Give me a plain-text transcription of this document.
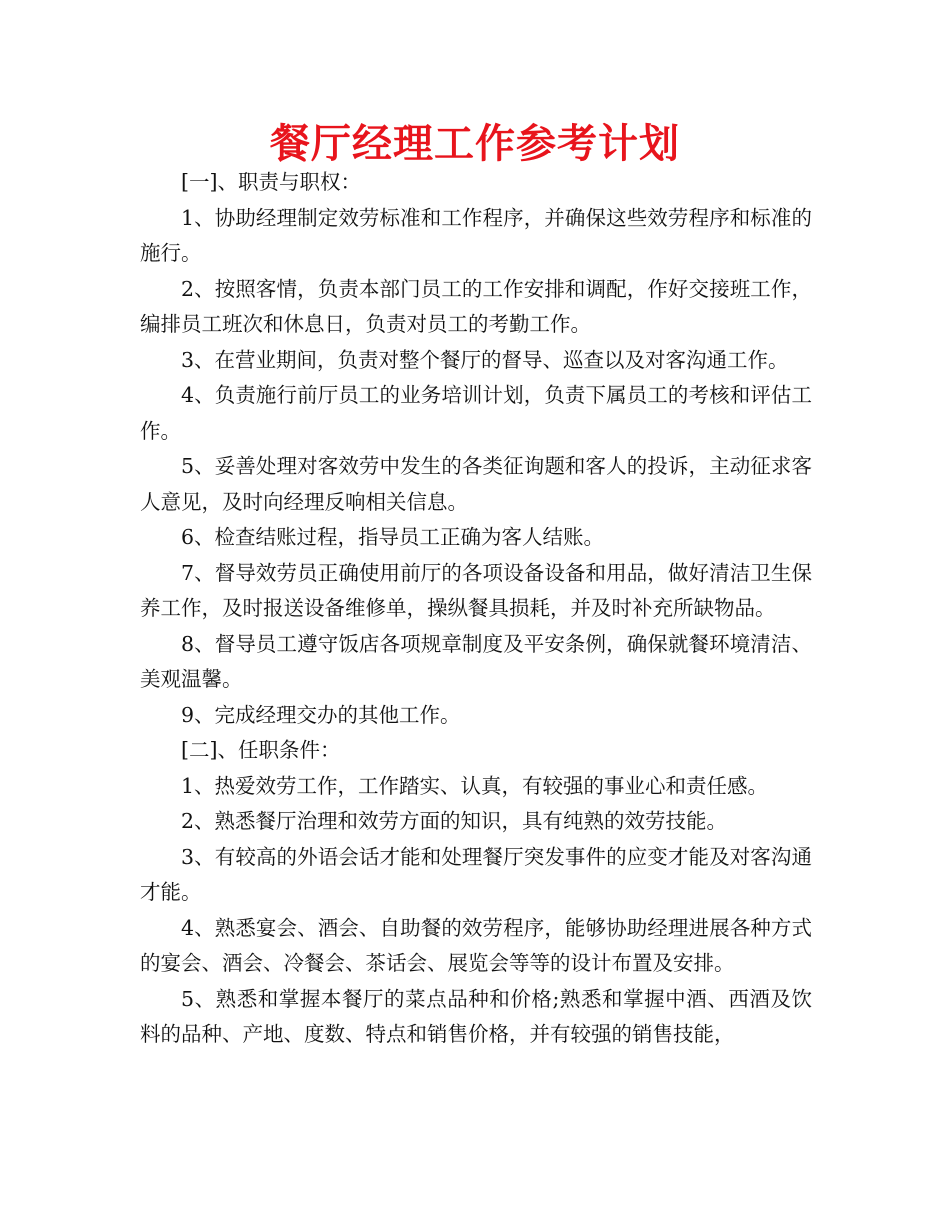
餐厅经理工作参考计划

[一]、职责与职权：

1、协助经理制定效劳标准和工作程序，并确保这些效劳程序和标准的施行。

2、按照客情，负责本部门员工的工作安排和调配，作好交接班工作，编排员工班次和休息日，负责对员工的考勤工作。

3、在营业期间，负责对整个餐厅的督导、巡查以及对客沟通工作。

4、负责施行前厅员工的业务培训计划，负责下属员工的考核和评估工作。

5、妥善处理对客效劳中发生的各类征询题和客人的投诉，主动征求客人意见，及时向经理反响相关信息。

6、检查结账过程，指导员工正确为客人结账。

7、督导效劳员正确使用前厅的各项设备设备和用品，做好清洁卫生保养工作，及时报送设备维修单，操纵餐具损耗，并及时补充所缺物品。

8、督导员工遵守饭店各项规章制度及平安条例，确保就餐环境清洁、美观温馨。

9、完成经理交办的其他工作。

[二]、任职条件：

1、热爱效劳工作，工作踏实、认真，有较强的事业心和责任感。

2、熟悉餐厅治理和效劳方面的知识，具有纯熟的效劳技能。

3、有较高的外语会话才能和处理餐厅突发事件的应变才能及对客沟通才能。

4、熟悉宴会、酒会、自助餐的效劳程序，能够协助经理进展各种方式的宴会、酒会、冷餐会、茶话会、展览会等等的设计布置及安排。

5、熟悉和掌握本餐厅的菜点品种和价格;熟悉和掌握中酒、西酒及饮料的品种、产地、度数、特点和销售价格，并有较强的销售技能，
